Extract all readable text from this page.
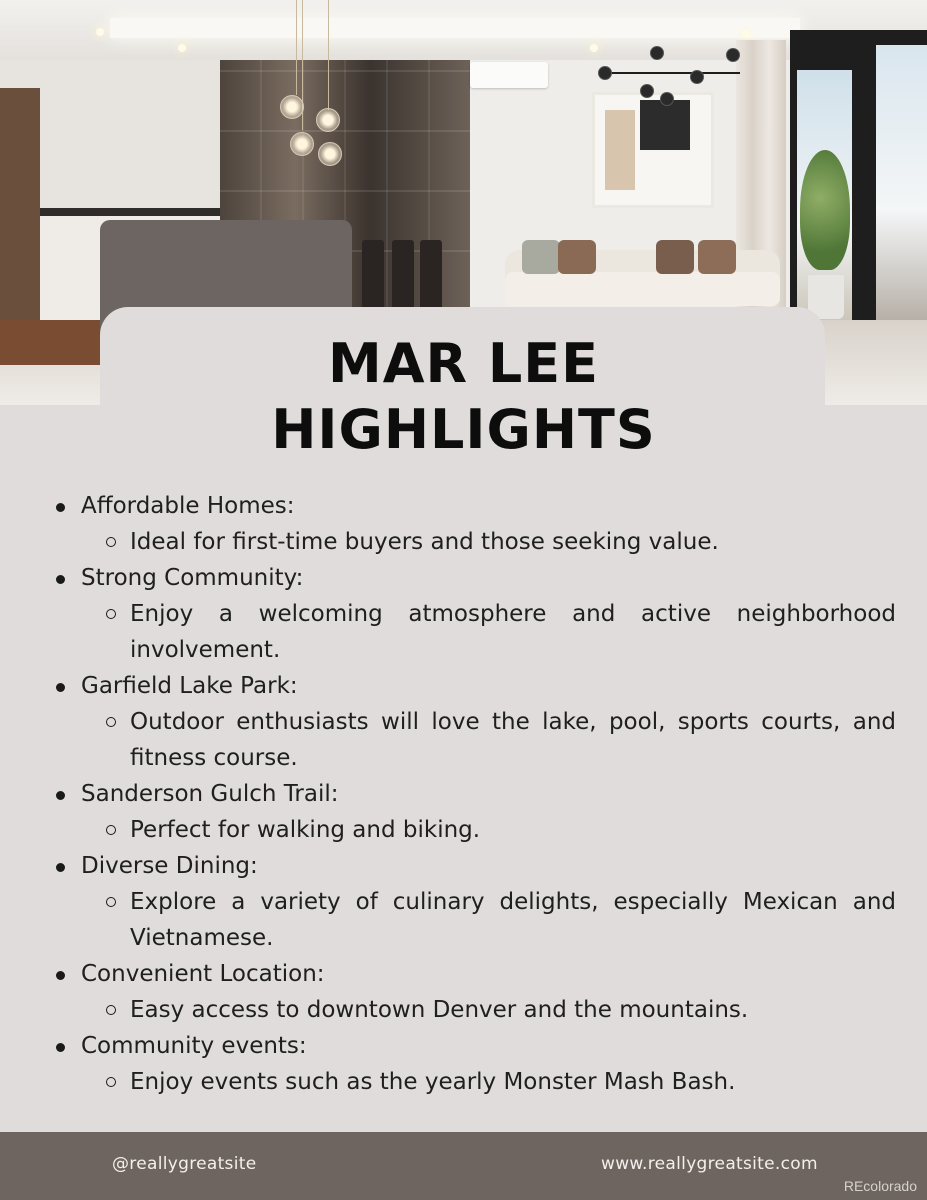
MAR LEE
HIGHLIGHTS
Affordable Homes:
Ideal for first-time buyers and those seeking value.
Strong Community:
Enjoy a welcoming atmosphere and active neighborhood involvement.
Garfield Lake Park:
Outdoor enthusiasts will love the lake, pool, sports courts, and fitness course.
Sanderson Gulch Trail:
Perfect for walking and biking.
Diverse Dining:
Explore a variety of culinary delights, especially Mexican and Vietnamese.
Convenient Location:
Easy access to downtown Denver and the mountains.
Community events:
Enjoy events such as the yearly Monster Mash Bash.
@reallygreatsite	www.reallygreatsite.com
REcolorado
